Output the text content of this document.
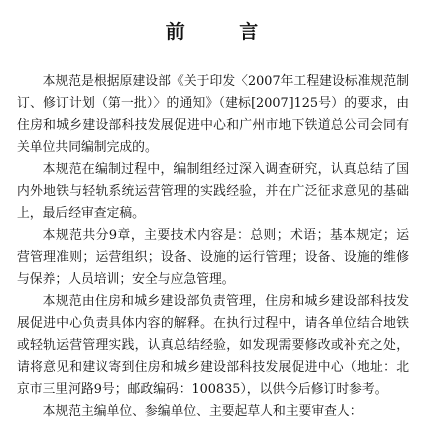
前 言

本规范是根据原建设部《关于印发〈2007年工程建设标准规范制订、修订计划（第一批）〉的通知》（建标[2007]125号）的要求，由住房和城乡建设部科技发展促进中心和广州市地下铁道总公司会同有关单位共同编制完成的。

本规范在编制过程中，编制组经过深入调查研究，认真总结了国内外地铁与轻轨系统运营管理的实践经验，并在广泛征求意见的基础上，最后经审查定稿。

本规范共分9章，主要技术内容是：总则；术语；基本规定；运营管理准则；运营组织；设备、设施的运行管理；设备、设施的维修与保养；人员培训；安全与应急管理。

本规范由住房和城乡建设部负责管理，住房和城乡建设部科技发展促进中心负责具体内容的解释。在执行过程中，请各单位结合地铁或轻轨运营管理实践，认真总结经验，如发现需要修改或补充之处，请将意见和建议寄到住房和城乡建设部科技发展促进中心（地址：北京市三里河路9号；邮政编码：100835），以供今后修订时参考。

本规范主编单位、参编单位、主要起草人和主要审查人：
